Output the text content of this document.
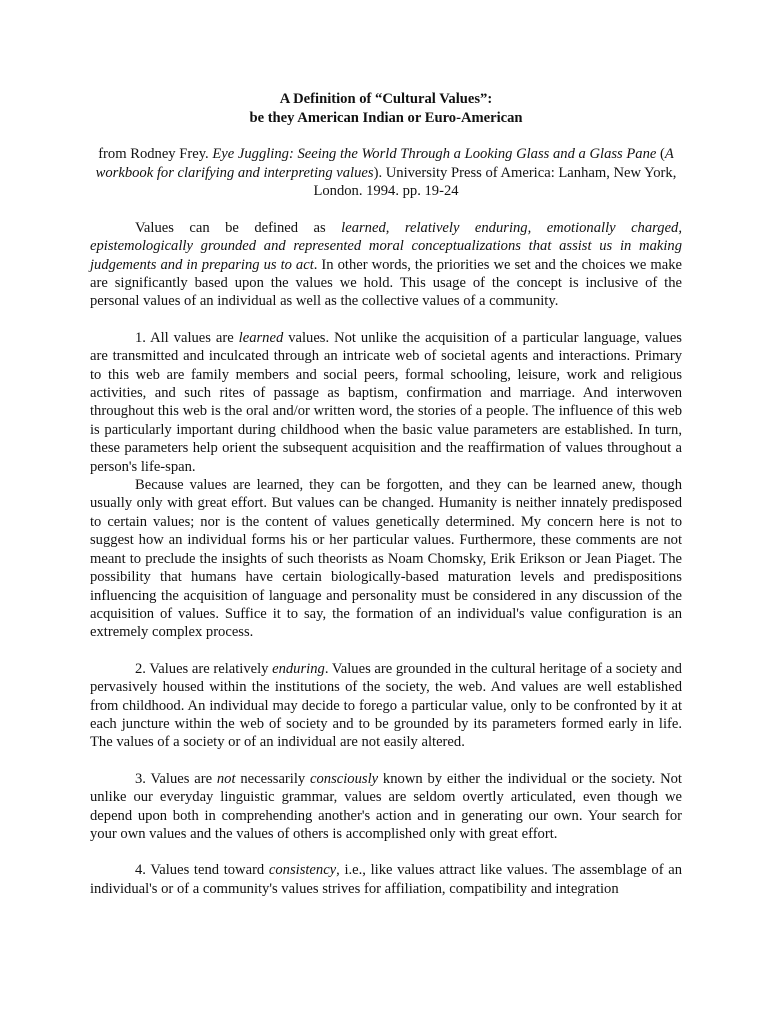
A Definition of “Cultural Values”:
be they American Indian or Euro-American

from Rodney Frey. Eye Juggling: Seeing the World Through a Looking Glass and a Glass Pane (A workbook for clarifying and interpreting values). University Press of America: Lanham, New York, London. 1994. pp. 19-24

Values can be defined as learned, relatively enduring, emotionally charged, epistemologically grounded and represented moral conceptualizations that assist us in making judgements and in preparing us to act. In other words, the priorities we set and the choices we make are significantly based upon the values we hold. This usage of the concept is inclusive of the personal values of an individual as well as the collective values of a community.

1. All values are learned values. Not unlike the acquisition of a particular language, values are transmitted and inculcated through an intricate web of societal agents and interactions. Primary to this web are family members and social peers, formal schooling, leisure, work and religious activities, and such rites of passage as baptism, confirmation and marriage. And interwoven throughout this web is the oral and/or written word, the stories of a people. The influence of this web is particularly important during childhood when the basic value parameters are established. In turn, these parameters help orient the subsequent acquisition and the reaffirmation of values throughout a person's life-span.

Because values are learned, they can be forgotten, and they can be learned anew, though usually only with great effort. But values can be changed. Humanity is neither innately predisposed to certain values; nor is the content of values genetically determined. My concern here is not to suggest how an individual forms his or her particular values. Furthermore, these comments are not meant to preclude the insights of such theorists as Noam Chomsky, Erik Erikson or Jean Piaget. The possibility that humans have certain biologically-based maturation levels and predispositions influencing the acquisition of language and personality must be considered in any discussion of the acquisition of values. Suffice it to say, the formation of an individual's value configuration is an extremely complex process.

2. Values are relatively enduring. Values are grounded in the cultural heritage of a society and pervasively housed within the institutions of the society, the web. And values are well established from childhood. An individual may decide to forego a particular value, only to be confronted by it at each juncture within the web of society and to be grounded by its parameters formed early in life. The values of a society or of an individual are not easily altered.

3. Values are not necessarily consciously known by either the individual or the society. Not unlike our everyday linguistic grammar, values are seldom overtly articulated, even though we depend upon both in comprehending another's action and in generating our own. Your search for your own values and the values of others is accomplished only with great effort.

4. Values tend toward consistency, i.e., like values attract like values. The assemblage of an individual's or of a community's values strives for affiliation, compatibility and integration
